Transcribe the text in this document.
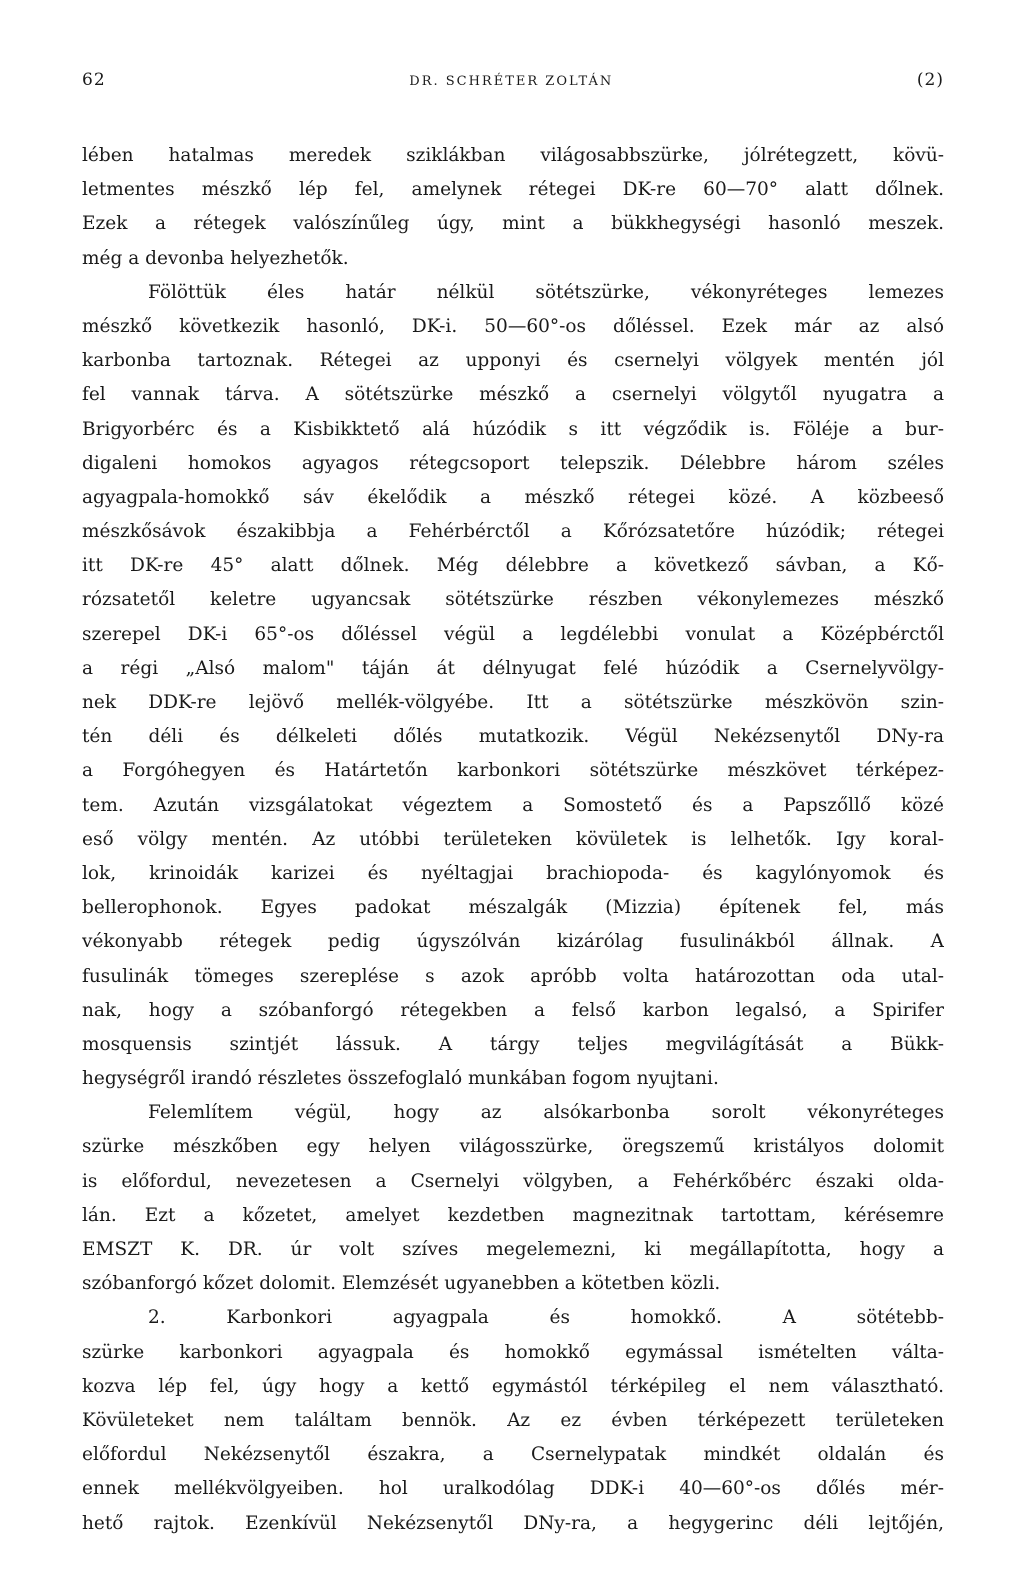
62	DR. SCHRÉTER ZOLTÁN	(2)
lében hatalmas meredek sziklákban világosabbszürke, jólrétegzett, kövü-
letmentes mészkő lép fel, amelynek rétegei DK-re 60—70° alatt dőlnek.
Ezek a rétegek valószínűleg úgy, mint a bükkhegységi hasonló meszek.
még a devonba helyezhetők.
Fölöttük éles határ nélkül sötétszürke, vékonyréteges lemezes
mészkő következik hasonló, DK-i. 50—60°-os dőléssel. Ezek már az alsó
karbonba tartoznak. Rétegei az upponyi és csernelyi völgyek mentén jól
fel vannak tárva. A sötétszürke mészkő a csernelyi völgytől nyugatra a
Brigyorbérc és a Kisbikktető alá húzódik s itt végződik is. Föléje a bur-
digaleni homokos agyagos rétegcsoport telepszik. Délebbre három széles
agyagpala-homokkő sáv ékelődik a mészkő rétegei közé. A közbeeső
mészkősávok északibbja a Fehérbérctől a Kőrózsatetőre húzódik; rétegei
itt DK-re 45° alatt dőlnek. Még délebbre a következő sávban, a Kő-
rózsatetől keletre ugyancsak sötétszürke részben vékonylemezes mészkő
szerepel DK-i 65°-os dőléssel végül a legdélebbi vonulat a Középbérctől
a régi „Alsó malom" táján át délnyugat felé húzódik a Csernelyvölgy-
nek DDK-re lejövő mellék-völgyébe. Itt a sötétszürke mészkövön szin-
tén déli és délkeleti dőlés mutatkozik. Végül Nekézsenytől DNy-ra
a Forgóhegyen és Határtetőn karbonkori sötétszürke mészkövet térképez-
tem. Azután vizsgálatokat végeztem a Somostető és a Papszőllő közé
eső völgy mentén. Az utóbbi területeken kövületek is lelhetők. Igy koral-
lok, krinoidák karizei és nyéltagjai brachiopoda- és kagylónyomok és
bellerophonok. Egyes padokat mészalgák (Mizzia) építenek fel, más
vékonyabb rétegek pedig úgyszólván kizárólag fusulinákból állnak. A
fusulinák tömeges szereplése s azok apróbb volta határozottan oda utal-
nak, hogy a szóbanforgó rétegekben a felső karbon legalsó, a Spirifer
mosquensis szintjét lássuk. A tárgy teljes megvilágítását a Bükk-
hegységről irandó részletes összefoglaló munkában fogom nyujtani.
Felemlítem végül, hogy az alsókarbonba sorolt vékonyréteges
szürke mészkőben egy helyen világosszürke, öregszemű kristályos dolomit
is előfordul, nevezetesen a Csernelyi völgyben, a Fehérkőbérc északi olda-
lán. Ezt a kőzetet, amelyet kezdetben magnezitnak tartottam, kérésemre
EMSZT K. DR. úr volt szíves megelemezni, ki megállapította, hogy a
szóbanforgó kőzet dolomit. Elemzését ugyanebben a kötetben közli.
2. Karbonkori agyagpala és homokkő. A sötétebb-
szürke karbonkori agyagpala és homokkő egymással ismételten válta-
kozva lép fel, úgy hogy a kettő egymástól térképileg el nem választható.
Kövületeket nem találtam bennök. Az ez évben térképezett területeken
előfordul Nekézsenytől északra, a Csernelypatak mindkét oldalán és
ennek mellékvölgyeiben. hol uralkodólag DDK-i 40—60°-os dőlés mér-
hető rajtok. Ezenkívül Nekézsenytől DNy-ra, a hegygerinc déli lejtőjén,
